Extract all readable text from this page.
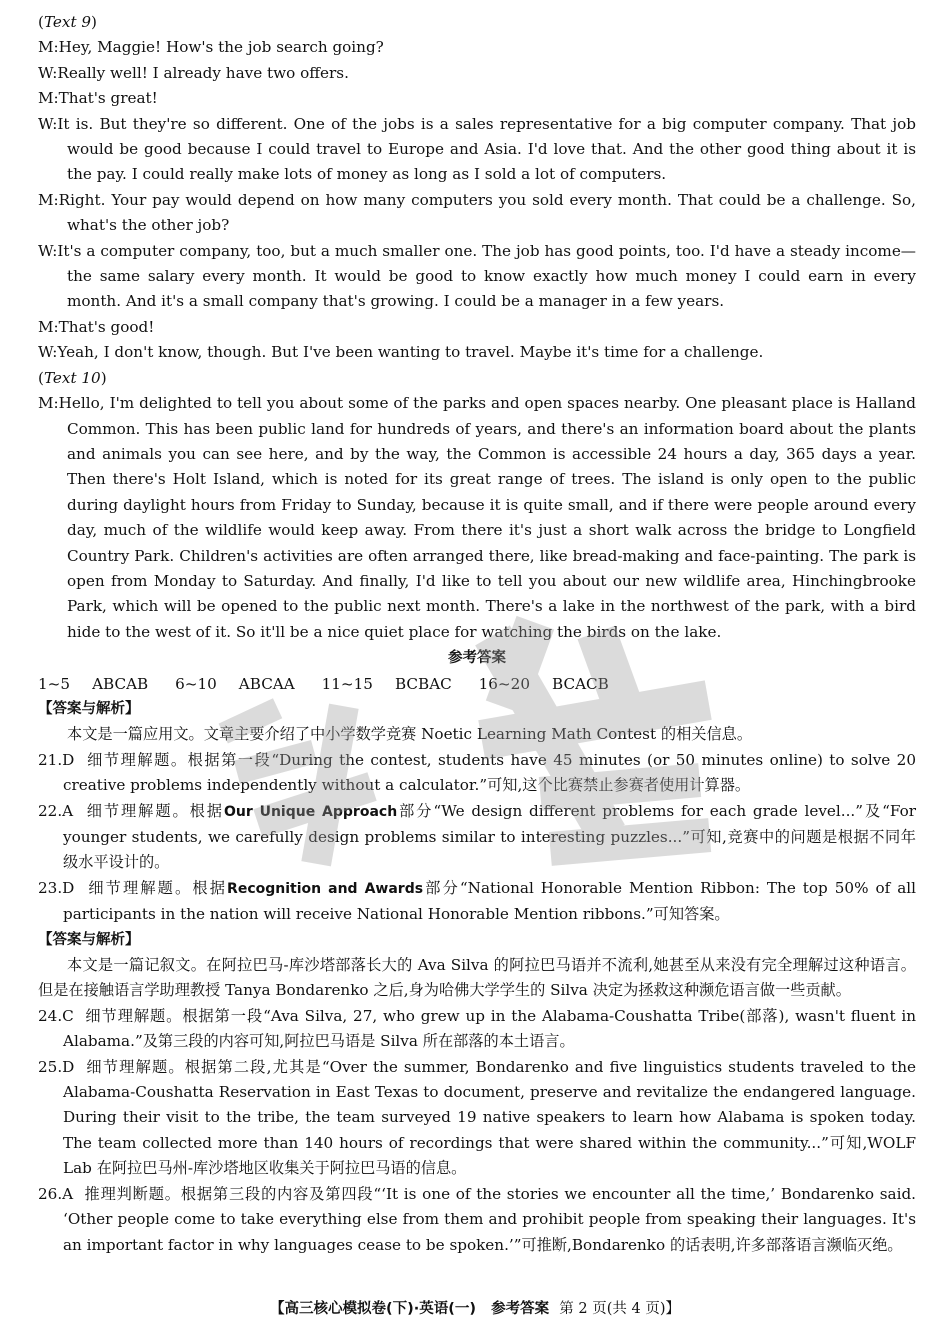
(Text 9)
M:Hey, Maggie! How's the job search going?
W:Really well! I already have two offers.
M:That's great!
W:It is. But they're so different. One of the jobs is a sales representative for a big computer company. That job would be good because I could travel to Europe and Asia. I'd love that. And the other good thing about it is the pay. I could really make lots of money as long as I sold a lot of computers.
M:Right. Your pay would depend on how many computers you sold every month. That could be a challenge. So, what's the other job?
W:It's a computer company, too, but a much smaller one. The job has good points, too. I'd have a steady income—the same salary every month. It would be good to know exactly how much money I could earn in every month. And it's a small company that's growing. I could be a manager in a few years.
M:That's good!
W:Yeah, I don't know, though. But I've been wanting to travel. Maybe it's time for a challenge.
(Text 10)
M:Hello, I'm delighted to tell you about some of the parks and open spaces nearby. One pleasant place is Halland Common. This has been public land for hundreds of years, and there's an information board about the plants and animals you can see here, and by the way, the Common is accessible 24 hours a day, 365 days a year. Then there's Holt Island, which is noted for its great range of trees. The island is only open to the public during daylight hours from Friday to Sunday, because it is quite small, and if there were people around every day, much of the wildlife would keep away. From there it's just a short walk across the bridge to Longfield Country Park. Children's activities are often arranged there, like bread-making and face-painting. The park is open from Monday to Saturday. And finally, I'd like to tell you about our new wildlife area, Hinchingbrooke Park, which will be opened to the public next month. There's a lake in the northwest of the park, with a bird hide to the west of it. So it'll be a nice quiet place for watching the birds on the lake.
参考答案
1~5 ABCAB 6~10 ABCAA 11~15 BCBAC 16~20 BCACB
【答案与解析】
本文是一篇应用文。文章主要介绍了中小学数学竞赛 Noetic Learning Math Contest 的相关信息。
21.D 细节理解题。根据第一段“During the contest, students have 45 minutes (or 50 minutes online) to solve 20 creative problems independently without a calculator.”可知,这个比赛禁止参赛者使用计算器。
22.A 细节理解题。根据Our Unique Approach部分“We design different problems for each grade level...”及“For younger students, we carefully design problems similar to interesting puzzles...”可知,竞赛中的问题是根据不同年级水平设计的。
23.D 细节理解题。根据Recognition and Awards部分“National Honorable Mention Ribbon: The top 50% of all participants in the nation will receive National Honorable Mention ribbons.”可知答案。
【答案与解析】
本文是一篇记叙文。在阿拉巴马-库沙塔部落长大的 Ava Silva 的阿拉巴马语并不流利,她甚至从来没有完全理解过这种语言。但是在接触语言学助理教授 Tanya Bondarenko 之后,身为哈佛大学学生的 Silva 决定为拯救这种濒危语言做一些贡献。
24.C 细节理解题。根据第一段“Ava Silva, 27, who grew up in the Alabama-Coushatta Tribe(部落), wasn't fluent in Alabama.”及第三段的内容可知,阿拉巴马语是 Silva 所在部落的本土语言。
25.D 细节理解题。根据第二段,尤其是“Over the summer, Bondarenko and five linguistics students traveled to the Alabama-Coushatta Reservation in East Texas to document, preserve and revitalize the endangered language. During their visit to the tribe, the team surveyed 19 native speakers to learn how Alabama is spoken today. The team collected more than 140 hours of recordings that were shared within the community...”可知,WOLF Lab 在阿拉巴马州-库沙塔地区收集关于阿拉巴马语的信息。
26.A 推理判断题。根据第三段的内容及第四段“‘It is one of the stories we encounter all the time,’ Bondarenko said. ‘Other people come to take everything else from them and prohibit people from speaking their languages. It's an important factor in why languages cease to be spoken.’”可推断,Bondarenko 的话表明,许多部落语言濒临灭绝。
【高三核心模拟卷(下)·英语(一) 参考答案 第 2 页(共 4 页)】
